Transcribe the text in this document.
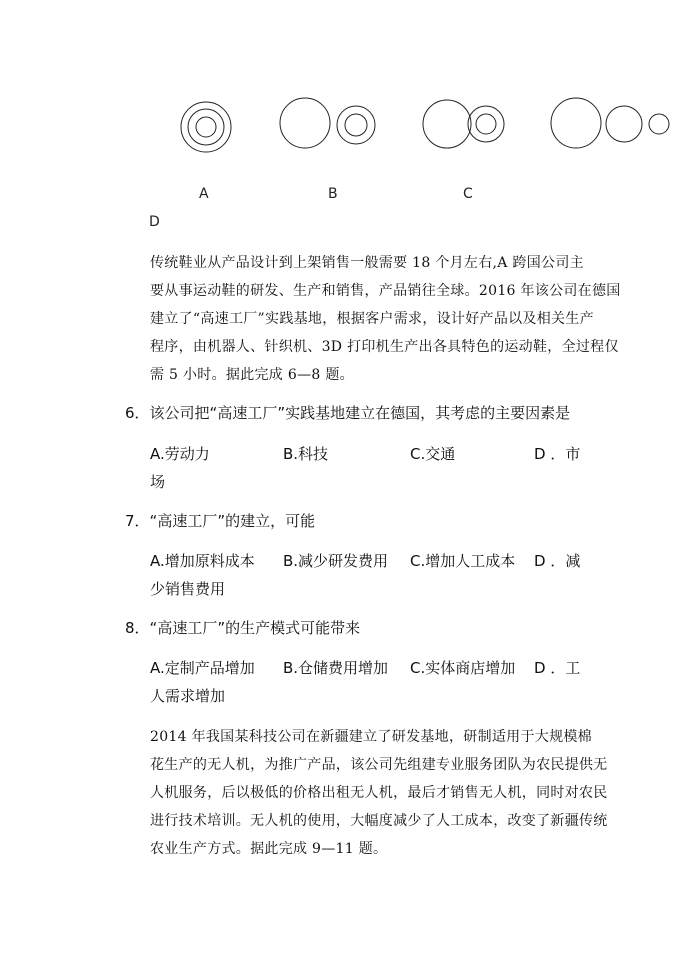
A	B	C
D
传统鞋业从产品设计到上架销售一般需要 18 个月左右,A 跨国公司主
要从事运动鞋的研发、生产和销售，产品销往全球。2016 年该公司在德国
建立了“高速工厂”实践基地，根据客户需求，设计好产品以及相关生产
程序，由机器人、针织机、3D 打印机生产出各具特色的运动鞋，全过程仅
需 5 小时。据此完成 6—8 题。
6．该公司把“高速工厂”实践基地建立在德国，其考虑的主要因素是
A.劳动力	B.科技	C.交通	D ．市
场
7．“高速工厂”的建立，可能
A.增加原料成本 B.减少研发费用 C.增加人工成本 D ．减
少销售费用
8．“高速工厂”的生产模式可能带来
A.定制产品增加 B.仓储费用增加 C.实体商店增加 D ．工
人需求增加
2014 年我国某科技公司在新疆建立了研发基地，研制适用于大规模棉
花生产的无人机，为推广产品，该公司先组建专业服务团队为农民提供无
人机服务，后以极低的价格出租无人机，最后才销售无人机，同时对农民
进行技术培训。无人机的使用，大幅度减少了人工成本，改变了新疆传统
农业生产方式。据此完成 9—11 题。
